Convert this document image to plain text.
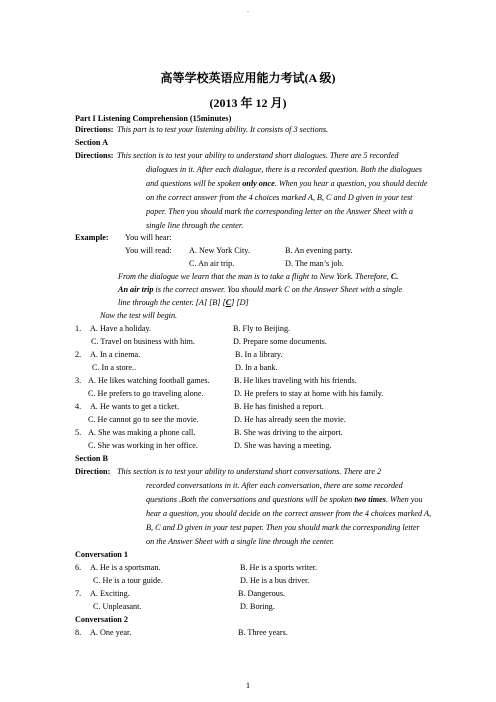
.
高等学校英语应用能力考试(A 级)
(2013 年 12 月)
Part I Listening Comprehension (15minutes)
Directions: This part is to test your listening ability. It consists of 3 sections.
Section A
Directions: This section is to test your ability to understand short dialogues. There are 5 recorded
dialogues in it. After each dialogue, there is a recorded question. Both the dialogues
and questions will be spoken only once. When you hear a question, you should decide
on the correct answer from the 4 choices marked A, B, C and D given in your test
paper. Then you should mark the corresponding letter on the Answer Sheet with a
single line through the center.
Example: You will hear:
You will read: A. New York City.	B. An evening party.
C. An air trip.	D. The man’s job.
From the dialogue we learn that the man is to take a flight to New York. Therefore, C.
An air trip is the correct answer. You should mark C on the Answer Sheet with a single
line through the center. [A] [B] [C] [D]
Now the test will begin.
1. A. Have a holiday.	B. Fly to Beijing.
C. Travel on business with him.	D. Prepare some documents.
2. A. In a cinema.	B. In a library.
C. In a store..	D. In a bank.
3. A. He likes watching football games.	B. He likes traveling with his friends.
C. He prefers to go traveling alone.	D. He prefers to stay at home with his family.
4. A. He wants to get a ticket.	B. He has finished a report.
C. He cannot go to see the movie.	D. He has already seen the movie.
5. A. She was making a phone call.	B. She was driving to the airport.
C. She was working in her office.	D. She was having a meeting.
Section B
Direction: This section is to test your ability to understand short conversations. There are 2
recorded conversations in it. After each conversation, there are some recorded
questions .Both the conversations and questions will be spoken two times. When you
hear a question, you should decide on the correct answer from the 4 choices marked A,
B, C and D given in your test paper. Then you should mark the corresponding letter
on the Answer Sheet with a single line through the center.
Conversation 1
6. A. He is a sportsman.	B. He is a sports writer.
C. He is a tour guide.	D. He is a bus driver.
7. A. Exciting.	B. Dangerous.
C. Unpleasant.	D. Boring.
Conversation 2
8. A. One year.	B. Three years.
1
